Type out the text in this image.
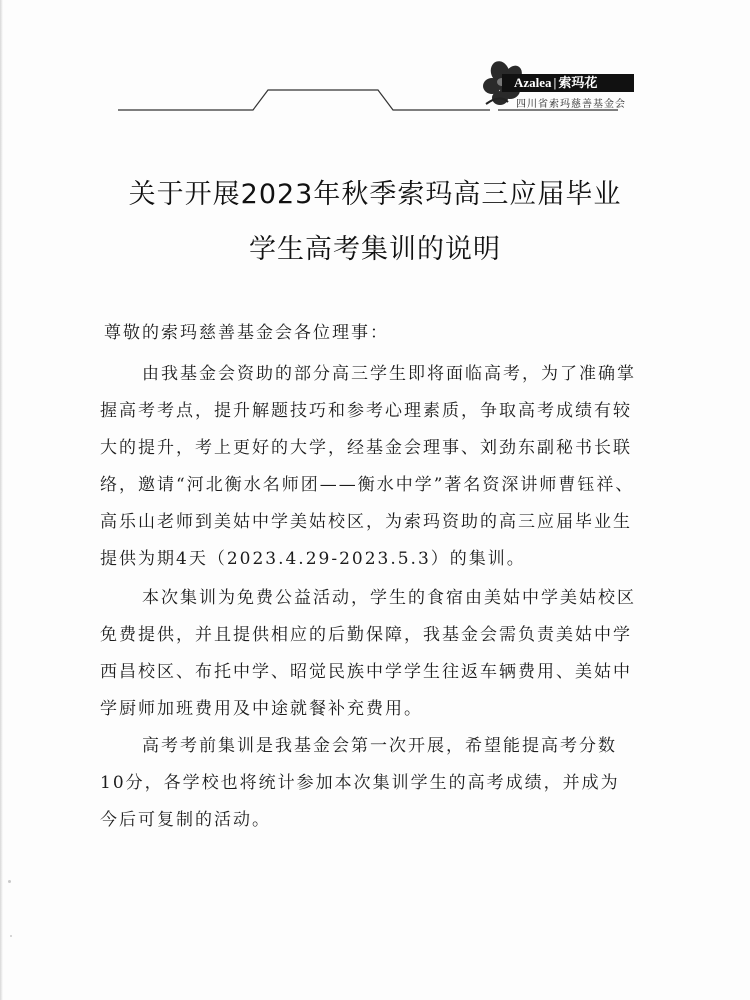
Azalea | 索玛花
四川省索玛慈善基金会
关于开展2023年秋季索玛高三应届毕业
学生高考集训的说明
尊敬的索玛慈善基金会各位理事：
由我基金会资助的部分高三学生即将面临高考，为了准确掌
握高考考点，提升解题技巧和参考心理素质，争取高考成绩有较
大的提升，考上更好的大学，经基金会理事、刘劲东副秘书长联
络，邀请“河北衡水名师团——衡水中学”著名资深讲师曹钰祥、
高乐山老师到美姑中学美姑校区，为索玛资助的高三应届毕业生
提供为期4天（2023.4.29-2023.5.3）的集训。
本次集训为免费公益活动，学生的食宿由美姑中学美姑校区
免费提供，并且提供相应的后勤保障，我基金会需负责美姑中学
西昌校区、布托中学、昭觉民族中学学生往返车辆费用、美姑中
学厨师加班费用及中途就餐补充费用。
高考考前集训是我基金会第一次开展，希望能提高考分数
10分，各学校也将统计参加本次集训学生的高考成绩，并成为
今后可复制的活动。
